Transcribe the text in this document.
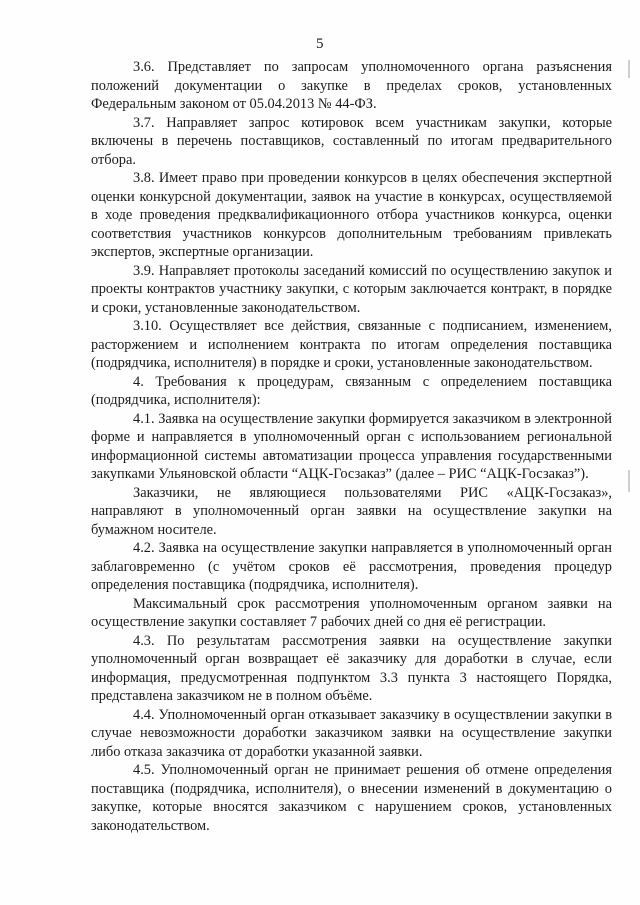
5

3.6. Представляет по запросам уполномоченного органа разъяснения положений документации о закупке в пределах сроков, установленных Федеральным законом от 05.04.2013 № 44-ФЗ.

3.7. Направляет запрос котировок всем участникам закупки, которые включены в перечень поставщиков, составленный по итогам предварительного отбора.

3.8. Имеет право при проведении конкурсов в целях обеспечения экспертной оценки конкурсной документации, заявок на участие в конкурсах, осуществляемой в ходе проведения предквалификационного отбора участников конкурса, оценки соответствия участников конкурсов дополнительным требованиям привлекать экспертов, экспертные организации.

3.9. Направляет протоколы заседаний комиссий по осуществлению закупок и проекты контрактов участнику закупки, с которым заключается контракт, в порядке и сроки, установленные законодательством.

3.10. Осуществляет все действия, связанные с подписанием, изменением, расторжением и исполнением контракта по итогам определения поставщика (подрядчика, исполнителя) в порядке и сроки, установленные законодательством.

4. Требования к процедурам, связанным с определением поставщика (подрядчика, исполнителя):

4.1. Заявка на осуществление закупки формируется заказчиком в электронной форме и направляется в уполномоченный орган с использованием региональной информационной системы автоматизации процесса управления государственными закупками Ульяновской области “АЦК-Госзаказ” (далее – РИС “АЦК-Госзаказ”).

Заказчики, не являющиеся пользователями РИС «АЦК-Госзаказ», направляют в уполномоченный орган заявки на осуществление закупки на бумажном носителе.

4.2. Заявка на осуществление закупки направляется в уполномоченный орган заблаговременно (с учётом сроков её рассмотрения, проведения процедур определения поставщика (подрядчика, исполнителя).

Максимальный срок рассмотрения уполномоченным органом заявки на осуществление закупки составляет 7 рабочих дней со дня её регистрации.

4.3. По результатам рассмотрения заявки на осуществление закупки уполномоченный орган возвращает её заказчику для доработки в случае, если информация, предусмотренная подпунктом 3.3 пункта 3 настоящего Порядка, представлена заказчиком не в полном объёме.

4.4. Уполномоченный орган отказывает заказчику в осуществлении закупки в случае невозможности доработки заказчиком заявки на осуществление закупки либо отказа заказчика от доработки указанной заявки.

4.5. Уполномоченный орган не принимает решения об отмене определения поставщика (подрядчика, исполнителя), о внесении изменений в документацию о закупке, которые вносятся заказчиком с нарушением сроков, установленных законодательством.
